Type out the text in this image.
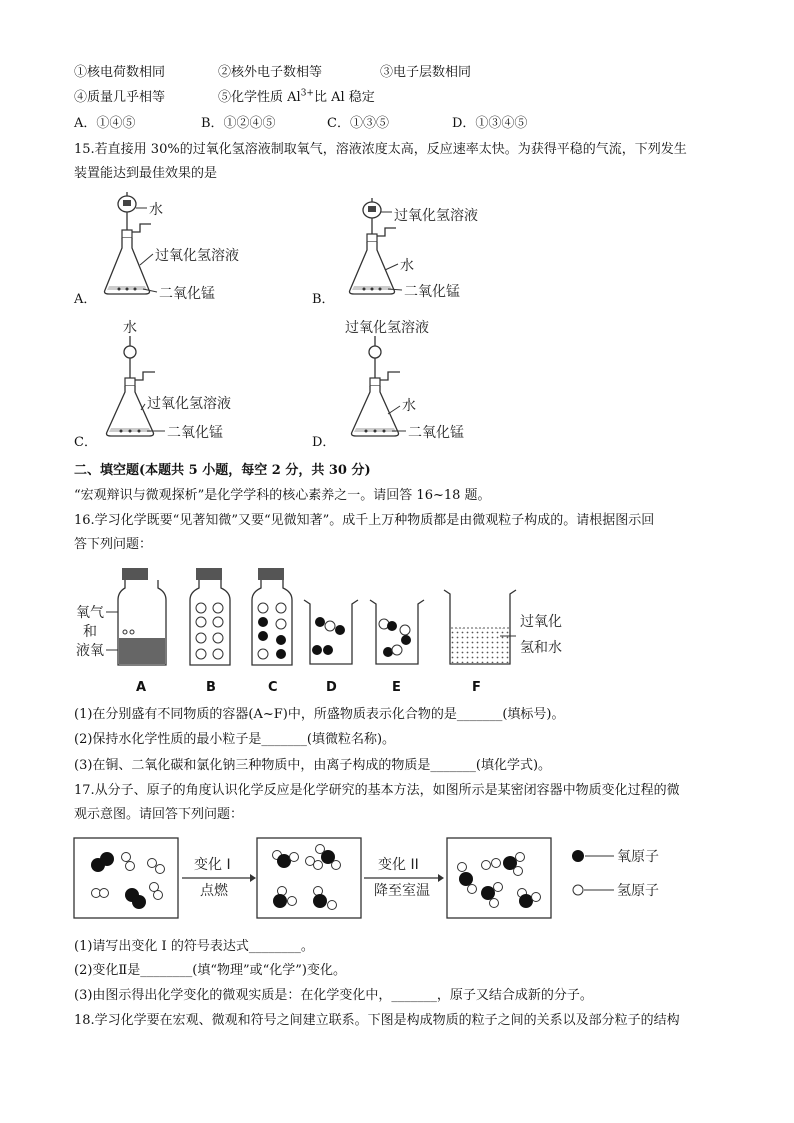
①核电荷数相同	②核外电子数相等	③电子层数相同
④质量几乎相等	⑤化学性质 $Al^{3+}$比 Al 稳定
A．①④⑤	B．①②④⑤	C．①③⑤	D．①③④⑤
15.若直接用 30%的过氧化氢溶液制取氧气，溶液浓度太高，反应速率太快。为获得平稳的气流，下列发生
装置能达到最佳效果的是
A．	B．
C．	D．
水
过氧化氢溶液
二氧化锰
过氧化氢溶液
水
二氧化锰
水
过氧化氢溶液
二氧化锰
过氧化氢溶液
水
二氧化锰
二、填空题(本题共 5 小题，每空 2 分，共 30 分)
“宏观辩识与微观探析”是化学学科的核心素养之一。请回答 16~18 题。
16.学习化学既要“见著知微”又要“见微知著”。成千上万种物质都是由微观粒子构成的。请根据图示回
答下列问题：
氧气
和
液氧
过氧化
氢和水
A	B	C	D	E	F
(1)在分别盛有不同物质的容器(A~F)中，所盛物质表示化合物的是_______(填标号)。
(2)保持水化学性质的最小粒子是_______(填微粒名称)。
(3)在铜、二氧化碳和氯化钠三种物质中，由离子构成的物质是_______(填化学式)。
17.从分子、原子的角度认识化学反应是化学研究的基本方法，如图所示是某密闭容器中物质变化过程的微
观示意图。请回答下列问题：
变化 I
点燃
变化 II
降至室温
氧原子
氢原子
(1)请写出变化 I 的符号表达式________。
(2)变化Ⅱ是________(填“物理”或“化学”)变化。
(3)由图示得出化学变化的微观实质是：在化学变化中，_______，原子又结合成新的分子。
18.学习化学要在宏观、微观和符号之间建立联系。下图是构成物质的粒子之间的关系以及部分粒子的结构
